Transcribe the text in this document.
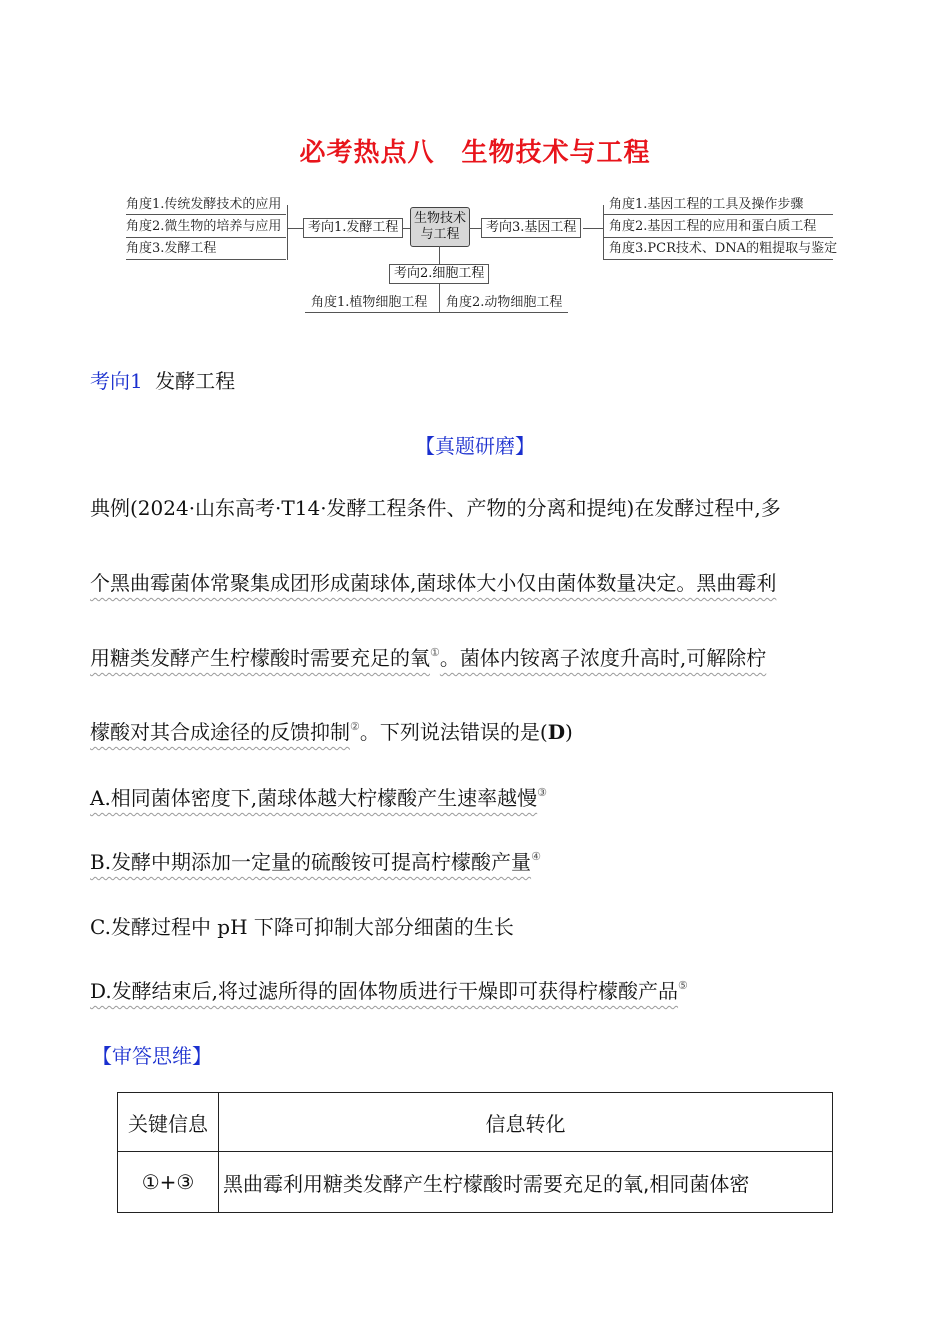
必考热点八　生物技术与工程
角度1.传统发酵技术的应用
角度2.微生物的培养与应用
角度3.发酵工程
考向1.发酵工程
生物技术
与工程	考向3.基因工程
角度1.基因工程的工具及操作步骤
角度2.基因工程的应用和蛋白质工程
角度3.PCR技术、DNA的粗提取与鉴定
考向2.细胞工程
角度1.植物细胞工程 角度2.动物细胞工程
考向1 发酵工程
【真题研磨】
典例(2024·山东高考·T14·发酵工程条件、产物的分离和提纯)在发酵过程中,多
个黑曲霉菌体常聚集成团形成菌球体,菌球体大小仅由菌体数量决定。黑曲霉利
用糖类发酵产生柠檬酸时需要充足的氧①。菌体内铵离子浓度升高时,可解除柠
檬酸对其合成途径的反馈抑制②。下列说法错误的是(D)
A.相同菌体密度下,菌球体越大柠檬酸产生速率越慢③
B.发酵中期添加一定量的硫酸铵可提高柠檬酸产量④
C.发酵过程中 pH 下降可抑制大部分细菌的生长
D.发酵结束后,将过滤所得的固体物质进行干燥即可获得柠檬酸产品⑤
【审答思维】
关键信息	信息转化
①+③	黑曲霉利用糖类发酵产生柠檬酸时需要充足的氧,相同菌体密
